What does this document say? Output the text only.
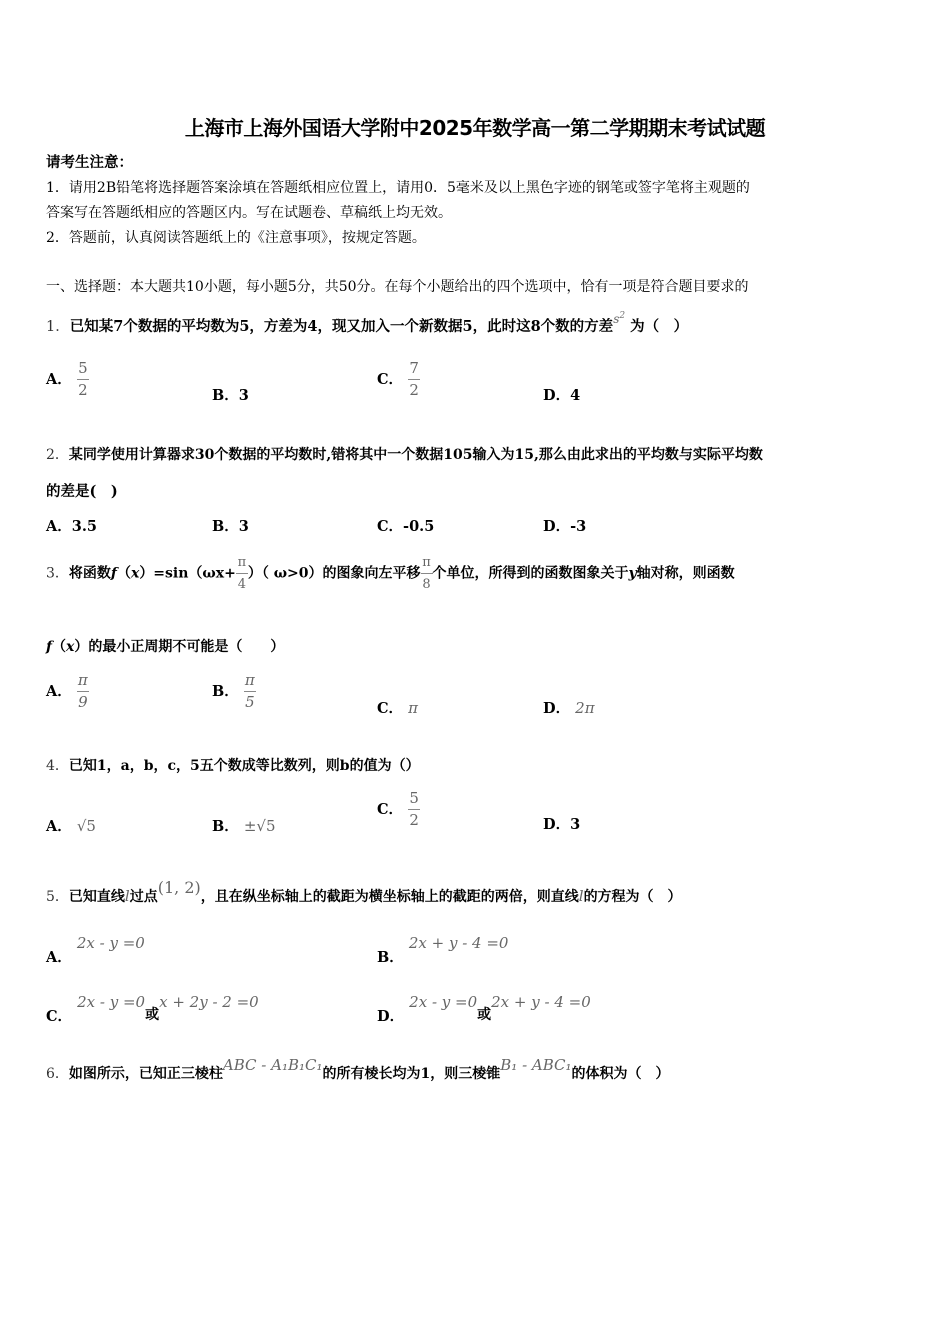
上海市上海外国语大学附中2025年数学高一第二学期期末考试试题
请考生注意：
1．请用2B铅笔将选择题答案涂填在答题纸相应位置上，请用0．5毫米及以上黑色字迹的钢笔或签字笔将主观题的
答案写在答题纸相应的答题区内。写在试题卷、草稿纸上均无效。
2．答题前，认真阅读答题纸上的《注意事项》，按规定答题。
一、选择题：本大题共10小题，每小题5分，共50分。在每个小题给出的四个选项中，恰有一项是符合题目要求的
1．已知某7个数据的平均数为5，方差为4，现又加入一个新数据5，此时这8个数的方差$^{s^2}$ 为（　）
A． $\frac{5}{2}$	B．3
C． $\frac{7}{2}$	D．4
2．某同学使用计算器求30个数据的平均数时,错将其中一个数据105输入为15,那么由此求出的平均数与实际平均数
的差是(　)
A．3.5	B．3	C．-0.5	D．-3
3．将函数$f(x)=\sin(\omega x+ \frac{\pi}{4}$ ）（ ω>0）的图象向左平移 $\frac{\pi}{8}$ 个单位，所得到的函数图象关于y轴对称，则函数
f（x）的最小正周期不可能是（　　）
A． $\frac{\pi}{9}$	B． $\frac{\pi}{5}$	C． π	D． 2π
4．已知1，a，b，c，5五个数成等比数列，则b的值为（）
A． √5	B． ±√5
C． $\frac{5}{2}$	D．3
5．已知直线l过点(1, 2)，且在纵坐标轴上的截距为横坐标轴上的截距的两倍，则直线l的方程为（　）
A． 2x - y =0
B． 2x + y - 4 =0
C． 2x - y =0或x + 2y - 2 =0
D． 2x - y =0或2x + y - 4 =0
6．如图所示，已知正三棱柱ABC - A₁B₁C₁的所有棱长均为1，则三棱锥B₁ - ABC₁的体积为（　）
